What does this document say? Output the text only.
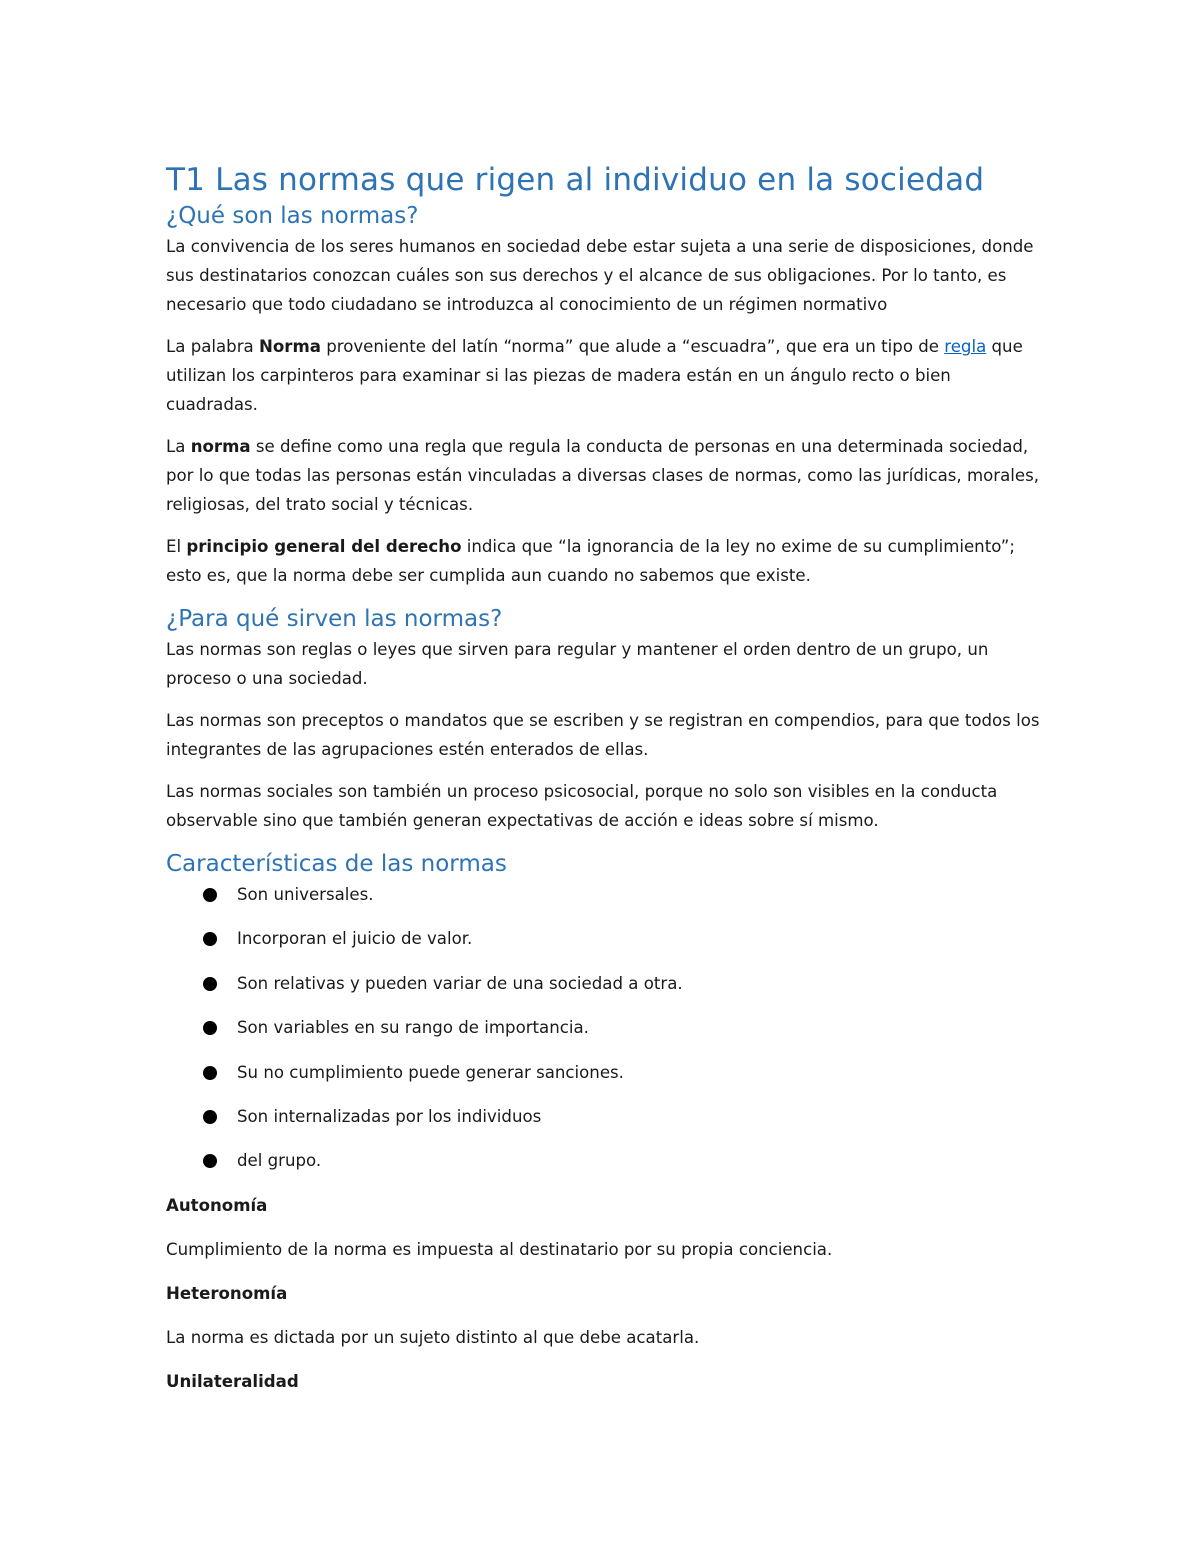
T1 Las normas que rigen al individuo en la sociedad
¿Qué son las normas?

La convivencia de los seres humanos en sociedad debe estar sujeta a una serie de disposiciones, donde sus destinatarios conozcan cuáles son sus derechos y el alcance de sus obligaciones. Por lo tanto, es necesario que todo ciudadano se introduzca al conocimiento de un régimen normativo

La palabra Norma proveniente del latín “norma” que alude a “escuadra”, que era un tipo de regla que utilizan los carpinteros para examinar si las piezas de madera están en un ángulo recto o bien cuadradas.

La norma se define como una regla que regula la conducta de personas en una determinada sociedad, por lo que todas las personas están vinculadas a diversas clases de normas, como las jurídicas, morales, religiosas, del trato social y técnicas.

El principio general del derecho indica que “la ignorancia de la ley no exime de su cumplimiento”; esto es, que la norma debe ser cumplida aun cuando no sabemos que existe.

¿Para qué sirven las normas?

Las normas son reglas o leyes que sirven para regular y mantener el orden dentro de un grupo, un proceso o una sociedad.

Las normas son preceptos o mandatos que se escriben y se registran en compendios, para que todos los integrantes de las agrupaciones estén enterados de ellas.

Las normas sociales son también un proceso psicosocial, porque no solo son visibles en la conducta observable sino que también generan expectativas de acción e ideas sobre sí mismo.

Características de las normas
Son universales.
Incorporan el juicio de valor.
Son relativas y pueden variar de una sociedad a otra.
Son variables en su rango de importancia.
Su no cumplimiento puede generar sanciones.
Son internalizadas por los individuos
del grupo.
Autonomía
Cumplimiento de la norma es impuesta al destinatario por su propia conciencia.
Heteronomía
La norma es dictada por un sujeto distinto al que debe acatarla.
Unilateralidad
